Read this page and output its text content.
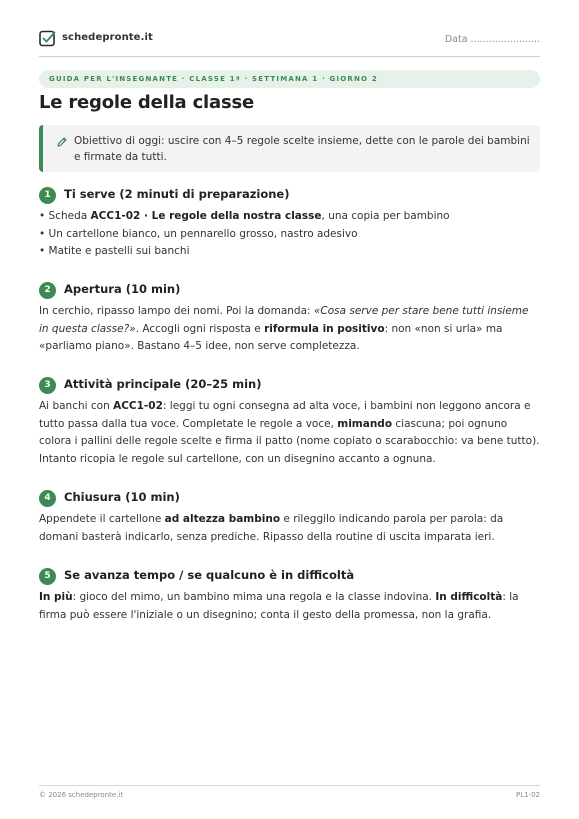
schedepronte.it	Data .......................
GUIDA PER L'INSEGNANTE · CLASSE 1ª · SETTIMANA 1 · GIORNO 2
Le regole della classe
Obiettivo di oggi: uscire con 4–5 regole scelte insieme, dette con le parole dei bambini e firmate da tutti.
1	Ti serve (2 minuti di preparazione)
• Scheda ACC1-02 · Le regole della nostra classe, una copia per bambino
• Un cartellone bianco, un pennarello grosso, nastro adesivo
• Matite e pastelli sui banchi
2	Apertura (10 min)

In cerchio, ripasso lampo dei nomi. Poi la domanda: «Cosa serve per stare bene tutti insieme in questa classe?». Accogli ogni risposta e riformula in positivo: non «non si urla» ma «parliamo piano». Bastano 4–5 idee, non serve completezza.

3	Attività principale (20–25 min)

Ai banchi con ACC1-02: leggi tu ogni consegna ad alta voce, i bambini non leggono ancora e tutto passa dalla tua voce. Completate le regole a voce, mimando ciascuna; poi ognuno colora i pallini delle regole scelte e firma il patto (nome copiato o scarabocchio: va bene tutto). Intanto ricopia le regole sul cartellone, con un disegnino accanto a ognuna.

4	Chiusura (10 min)

Appendete il cartellone ad altezza bambino e rileggilo indicando parola per parola: da domani basterà indicarlo, senza prediche. Ripasso della routine di uscita imparata ieri.

5	Se avanza tempo / se qualcuno è in difficoltà

In più: gioco del mimo, un bambino mima una regola e la classe indovina. In difficoltà: la firma può essere l'iniziale o un disegnino; conta il gesto della promessa, non la grafia.

© 2026 schedepronte.it	PL1-02
